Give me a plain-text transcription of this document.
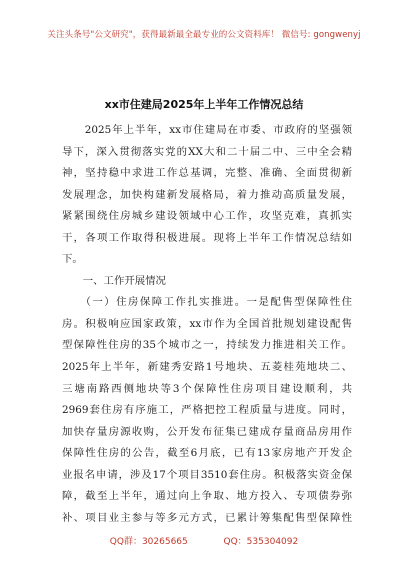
关注头条号"公文研究"，获得最新最全最专业的公文资料库！ 微信号: gongwenyj
xx市住建局2025年上半年工作情况总结
　　2025年上半年，xx市住建局在市委、市政府的坚强领
导下，深入贯彻落实党的XX大和二十届二中、三中全会精
神，坚持稳中求进工作总基调，完整、准确、全面贯彻新
发展理念，加快构建新发展格局，着力推动高质量发展，
紧紧围绕住房城乡建设领域中心工作，攻坚克难，真抓实
干，各项工作取得积极进展。现将上半年工作情况总结如
下。
　　一、工作开展情况
　　（一）住房保障工作扎实推进。一是配售型保障性住
房。积极响应国家政策，xx市作为全国首批规划建设配售
型保障性住房的35个城市之一，持续发力推进相关工作。
2025年上半年，新建秀安路1号地块、五菱桂苑地块二、
三塘南路西侧地块等3个保障性住房项目建设顺利，共
2969套住房有序施工，严格把控工程质量与进度。同时，
加快存量房源收购，公开发布征集已建成存量商品房用作
保障性住房的公告，截至6月底，已有13家房地产开发企
业报名申请，涉及17个项目3510套住房。积极落实资金保
障，截至上半年，通过向上争取、地方投入、专项债券弥
补、项目业主参与等多元方式，已累计筹集配售型保障性
QQ群：30265665	QQ：535304092
